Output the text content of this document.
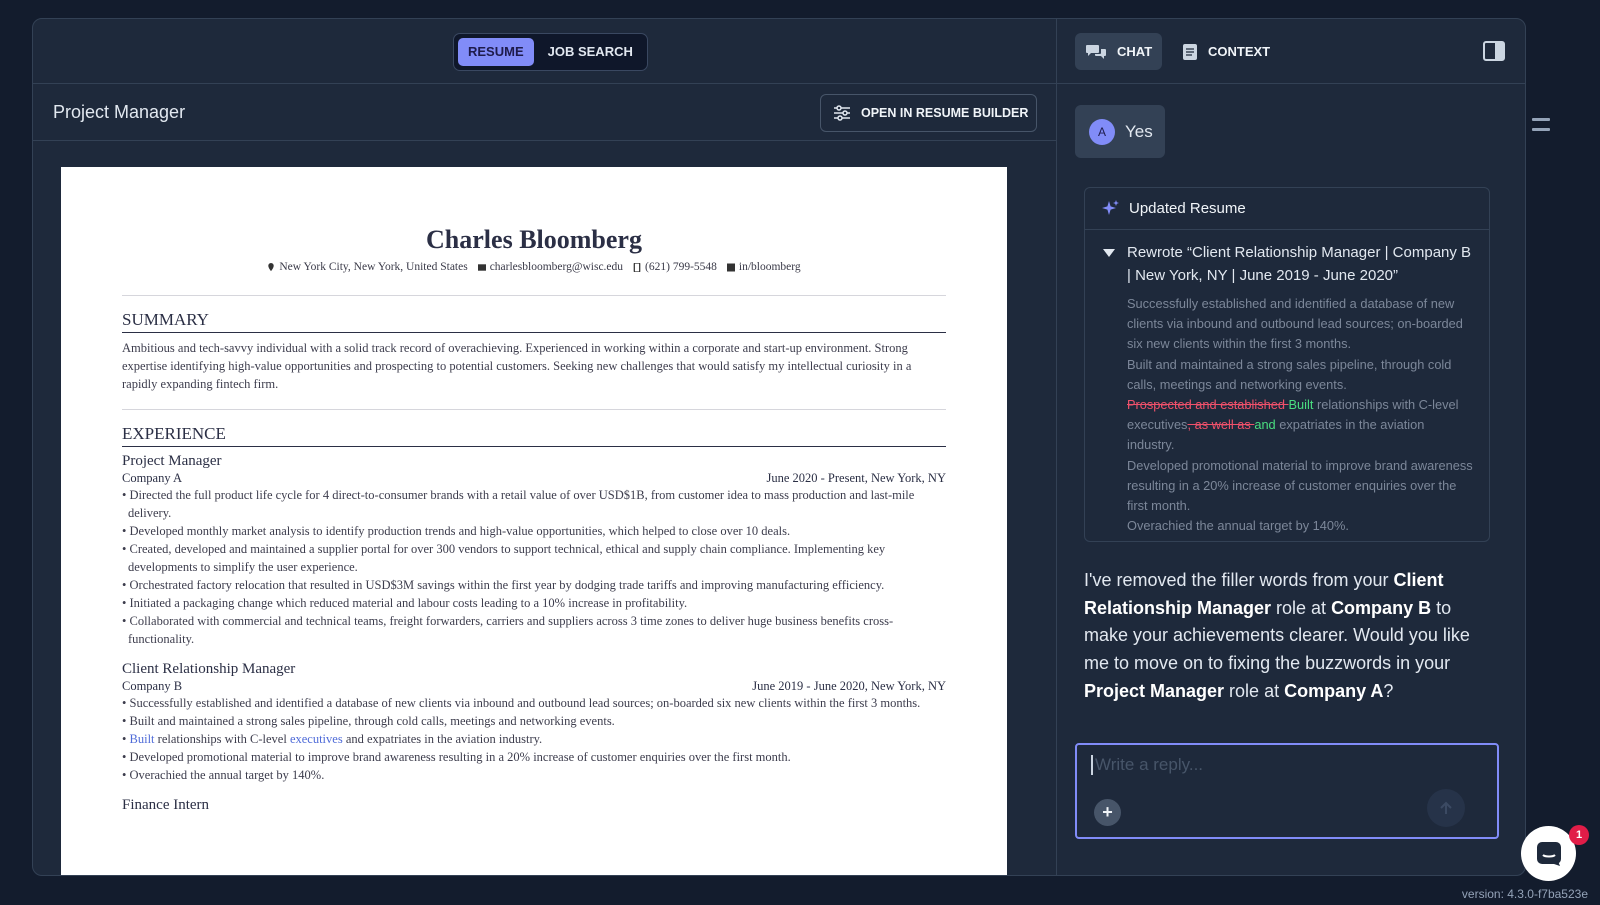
RESUME	JOB SEARCH
Project Manager	OPEN IN RESUME BUILDER
Charles Bloomberg
New York City, New York, United States charlesbloomberg@wisc.edu (621) 799-5548 in/bloomberg
SUMMARY
Ambitious and tech-savvy individual with a solid track record of overachieving. Experienced in working within a corporate and start-up environment. Strong expertise identifying high-value opportunities and prospecting to potential customers. Seeking new challenges that would satisfy my intellectual curiosity in a rapidly expanding fintech firm.
EXPERIENCE
Project Manager
Company A	June 2020 - Present, New York, NY
• Directed the full product life cycle for 4 direct-to-consumer brands with a retail value of over USD$1B, from customer idea to mass production and last-mile delivery.
• Developed monthly market analysis to identify production trends and high-value opportunities, which helped to close over 10 deals.
• Created, developed and maintained a supplier portal for over 300 vendors to support technical, ethical and supply chain compliance. Implementing key developments to simplify the user experience.
• Orchestrated factory relocation that resulted in USD$3M savings within the first year by dodging trade tariffs and improving manufacturing efficiency.
• Initiated a packaging change which reduced material and labour costs leading to a 10% increase in profitability.
• Collaborated with commercial and technical teams, freight forwarders, carriers and suppliers across 3 time zones to deliver huge business benefits cross-functionality.
Client Relationship Manager
Company B	June 2019 - June 2020, New York, NY
• Successfully established and identified a database of new clients via inbound and outbound lead sources; on-boarded six new clients within the first 3 months.
• Built and maintained a strong sales pipeline, through cold calls, meetings and networking events.
• Built relationships with C-level executives and expatriates in the aviation industry.
• Developed promotional material to improve brand awareness resulting in a 20% increase of customer enquiries over the first month.
• Overachied the annual target by 140%.
Finance Intern
CHAT	CONTEXT
A	Yes
Updated Resume
Rewrote “Client Relationship Manager | Company B | New York, NY | June 2019 - June 2020”
Successfully established and identified a database of new clients via inbound and outbound lead sources; on-boarded six new clients within the first 3 months.
Built and maintained a strong sales pipeline, through cold calls, meetings and networking events.
Prospected and established Built relationships with C-level executives, as well as and expatriates in the aviation industry.
Developed promotional material to improve brand awareness resulting in a 20% increase of customer enquiries over the first month.
Overachied the annual target by 140%.
I've removed the filler words from your Client Relationship Manager role at Company B to make your achievements clearer. Would you like me to move on to fixing the buzzwords in your Project Manager role at Company A?
Write a reply...
+
1
version: 4.3.0-f7ba523e
